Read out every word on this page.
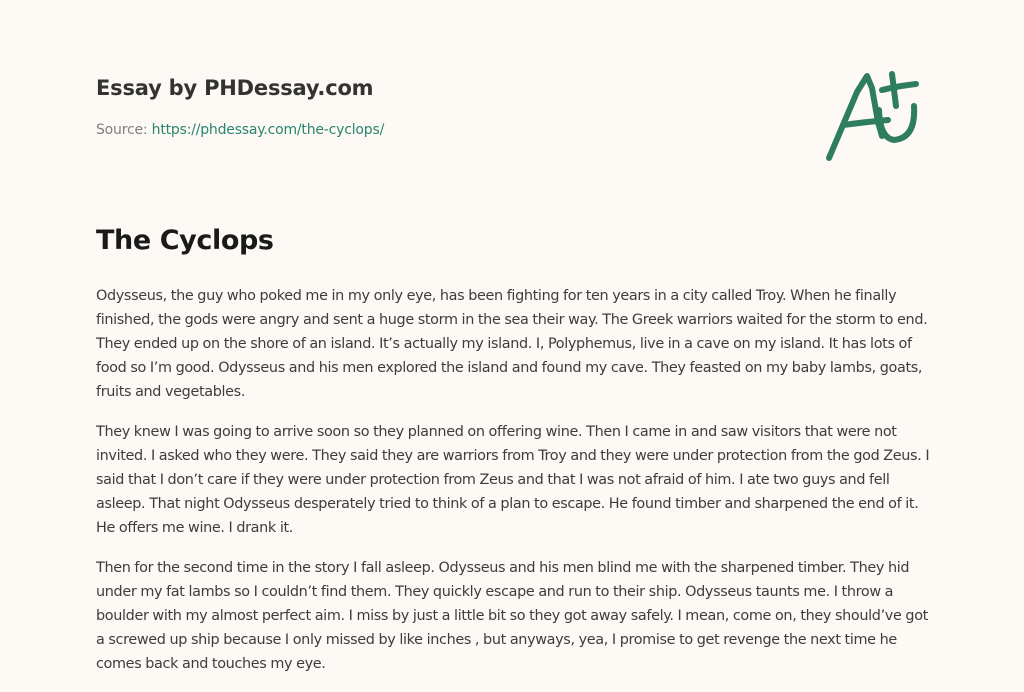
Essay by PHDessay.com
Source: https://phdessay.com/the-cyclops/
The Cyclops

Odysseus, the guy who poked me in my only eye, has been fighting for ten years in a city called Troy. When he finally finished, the gods were angry and sent a huge storm in the sea their way. The Greek warriors waited for the storm to end. They ended up on the shore of an island. It’s actually my island. I, Polyphemus, live in a cave on my island. It has lots of food so I’m good. Odysseus and his men explored the island and found my cave. They feasted on my baby lambs, goats, fruits and vegetables.

They knew I was going to arrive soon so they planned on offering wine. Then I came in and saw visitors that were not invited. I asked who they were. They said they are warriors from Troy and they were under protection from the god Zeus. I said that I don’t care if they were under protection from Zeus and that I was not afraid of him. I ate two guys and fell asleep. That night Odysseus desperately tried to think of a plan to escape. He found timber and sharpened the end of it. He offers me wine. I drank it.

Then for the second time in the story I fall asleep. Odysseus and his men blind me with the sharpened timber. They hid under my fat lambs so I couldn’t find them. They quickly escape and run to their ship. Odysseus taunts me. I throw a boulder with my almost perfect aim. I miss by just a little bit so they got away safely. I mean, come on, they should’ve got a screwed up ship because I only missed by like inches , but anyways, yea, I promise to get revenge the next time he comes back and touches my eye.
